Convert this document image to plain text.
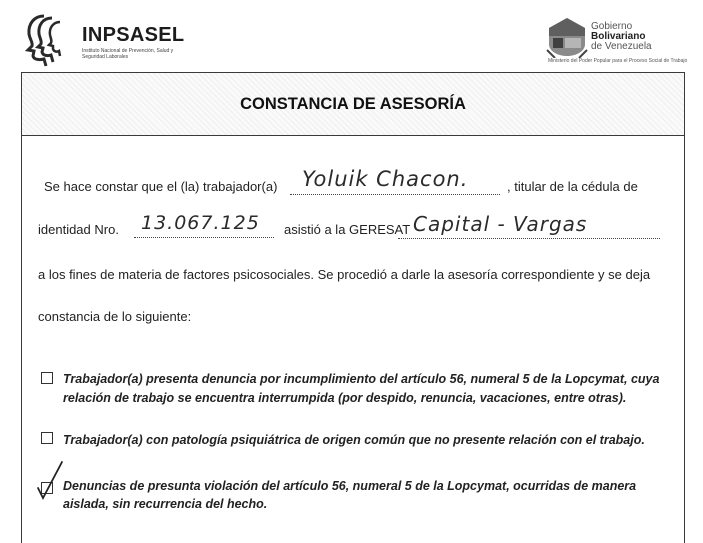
INPSASEL
Instituto Nacional de Prevención, Salud y Seguridad Laborales
Gobierno
Bolivariano
de Venezuela
Ministerio del Poder Popular para el Proceso Social de Trabajo
CONSTANCIA DE ASESORÍA
Se hace constar que el (la) trabajador(a) Yoluik Chacon.	, titular de la cédula de
identidad Nro. 13.067.125 asistió a la GERESAT Capital - Vargas
a los fines de materia de factores psicosociales. Se procedió a darle la asesoría correspondiente y se deja
constancia de lo siguiente:
Trabajador(a) presenta denuncia por incumplimiento del artículo 56, numeral 5 de la Lopcymat, cuya
relación de trabajo se encuentra interrumpida (por despido, renuncia, vacaciones, entre otras).
Trabajador(a) con patología psiquiátrica de origen común que no presente relación con el trabajo.
Denuncias de presunta violación del artículo 56, numeral 5 de la Lopcymat, ocurridas de manera
aislada, sin recurrencia del hecho.
